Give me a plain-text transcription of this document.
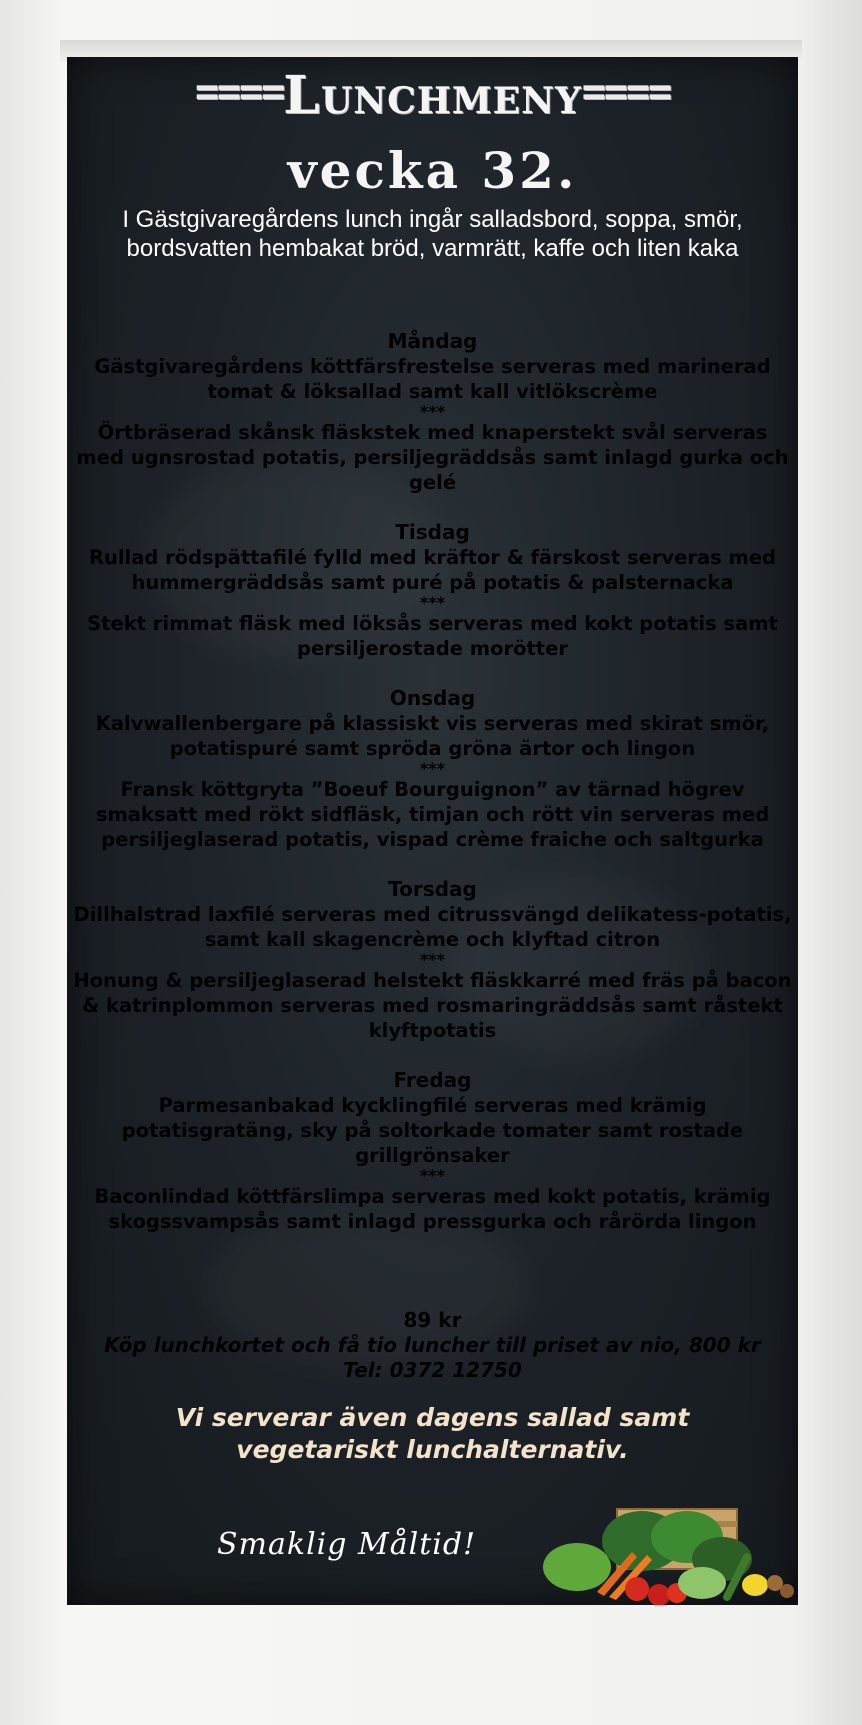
====Lunchmeny====
vecka 32.
I Gästgivaregårdens lunch ingår salladsbord, soppa, smör, bordsvatten hembakat bröd, varmrätt, kaffe och liten kaka
Måndag
Gästgivaregårdens köttfärsfrestelse serveras med marinerad tomat & löksallad samt kall vitlökscrème
***
Örtbräserad skånsk fläskstek med knaperstekt svål serveras med ugnsrostad potatis, persiljegräddsås samt inlagd gurka och gelé
Tisdag
Rullad rödspättafilé fylld med kräftor & färskost serveras med hummergräddsås samt puré på potatis & palsternacka
***
Stekt rimmat fläsk med löksås serveras med kokt potatis samt persiljerostade morötter
Onsdag
Kalvwallenbergare på klassiskt vis serveras med skirat smör, potatispuré samt spröda gröna ärtor och lingon
***
Fransk köttgryta ”Boeuf Bourguignon” av tärnad högrev smaksatt med rökt sidfläsk, timjan och rött vin serveras med persiljeglaserad potatis, vispad crème fraiche och saltgurka
Torsdag
Dillhalstrad laxfilé serveras med citrussvängd delikatess-potatis, samt kall skagencrème och klyftad citron
***
Honung & persiljeglaserad helstekt fläskkarré med fräs på bacon & katrinplommon serveras med rosmaringräddsås samt råstekt klyftpotatis
Fredag
Parmesanbakad kycklingfilé serveras med krämig potatisgratäng, sky på soltorkade tomater samt rostade grillgrönsaker
***
Baconlindad köttfärslimpa serveras med kokt potatis, krämig skogssvampsås samt inlagd pressgurka och rårörda lingon
89 kr
Köp lunchkortet och få tio luncher till priset av nio, 800 kr
Tel: 0372 12750
Vi serverar även dagens sallad samt vegetariskt lunchalternativ.
Smaklig Måltid!
